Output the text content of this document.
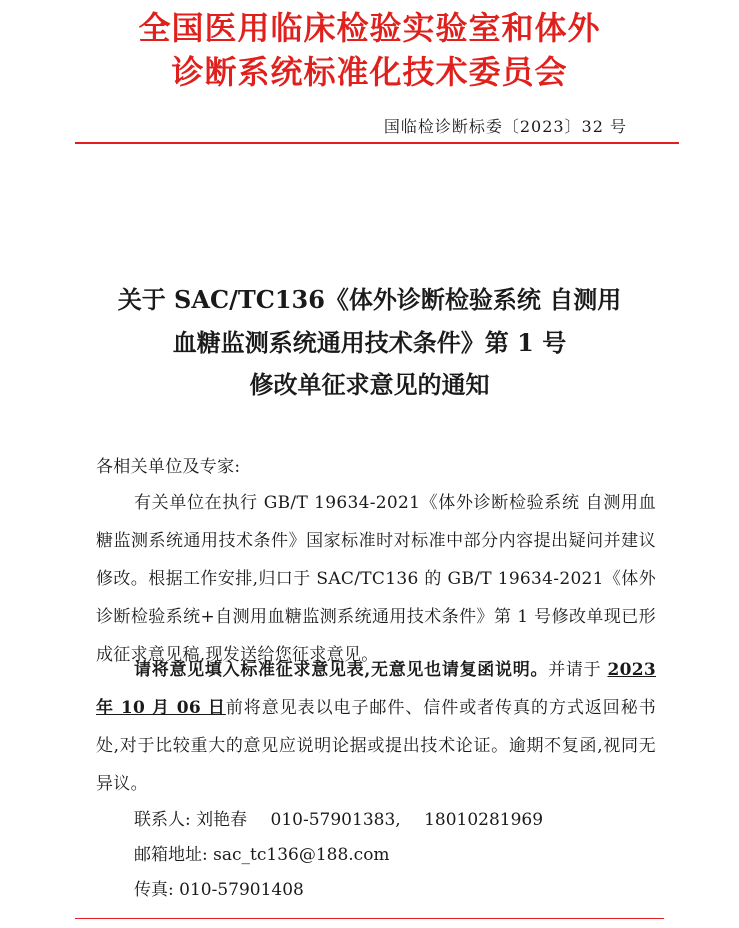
全国医用临床检验实验室和体外
诊断系统标准化技术委员会
国临检诊断标委〔2023〕32 号
关于 SAC/TC136《体外诊断检验系统 自测用
血糖监测系统通用技术条件》第 1 号
修改单征求意见的通知
各相关单位及专家:
有关单位在执行 GB/T 19634-2021《体外诊断检验系统 自测用血糖监测系统通用技术条件》国家标准时对标准中部分内容提出疑问并建议修改。根据工作安排,归口于 SAC/TC136 的 GB/T 19634-2021《体外诊断检验系统+自测用血糖监测系统通用技术条件》第 1 号修改单现已形成征求意见稿,现发送给您征求意见。
请将意见填入标准征求意见表,无意见也请复函说明。并请于 2023 年 10 月 06 日前将意见表以电子邮件、信件或者传真的方式返回秘书处,对于比较重大的意见应说明论据或提出技术论证。逾期不复函,视同无异议。
联系人: 刘艳春 010-57901383, 18010281969
邮箱地址: sac_tc136@188.com
传真: 010-57901408
